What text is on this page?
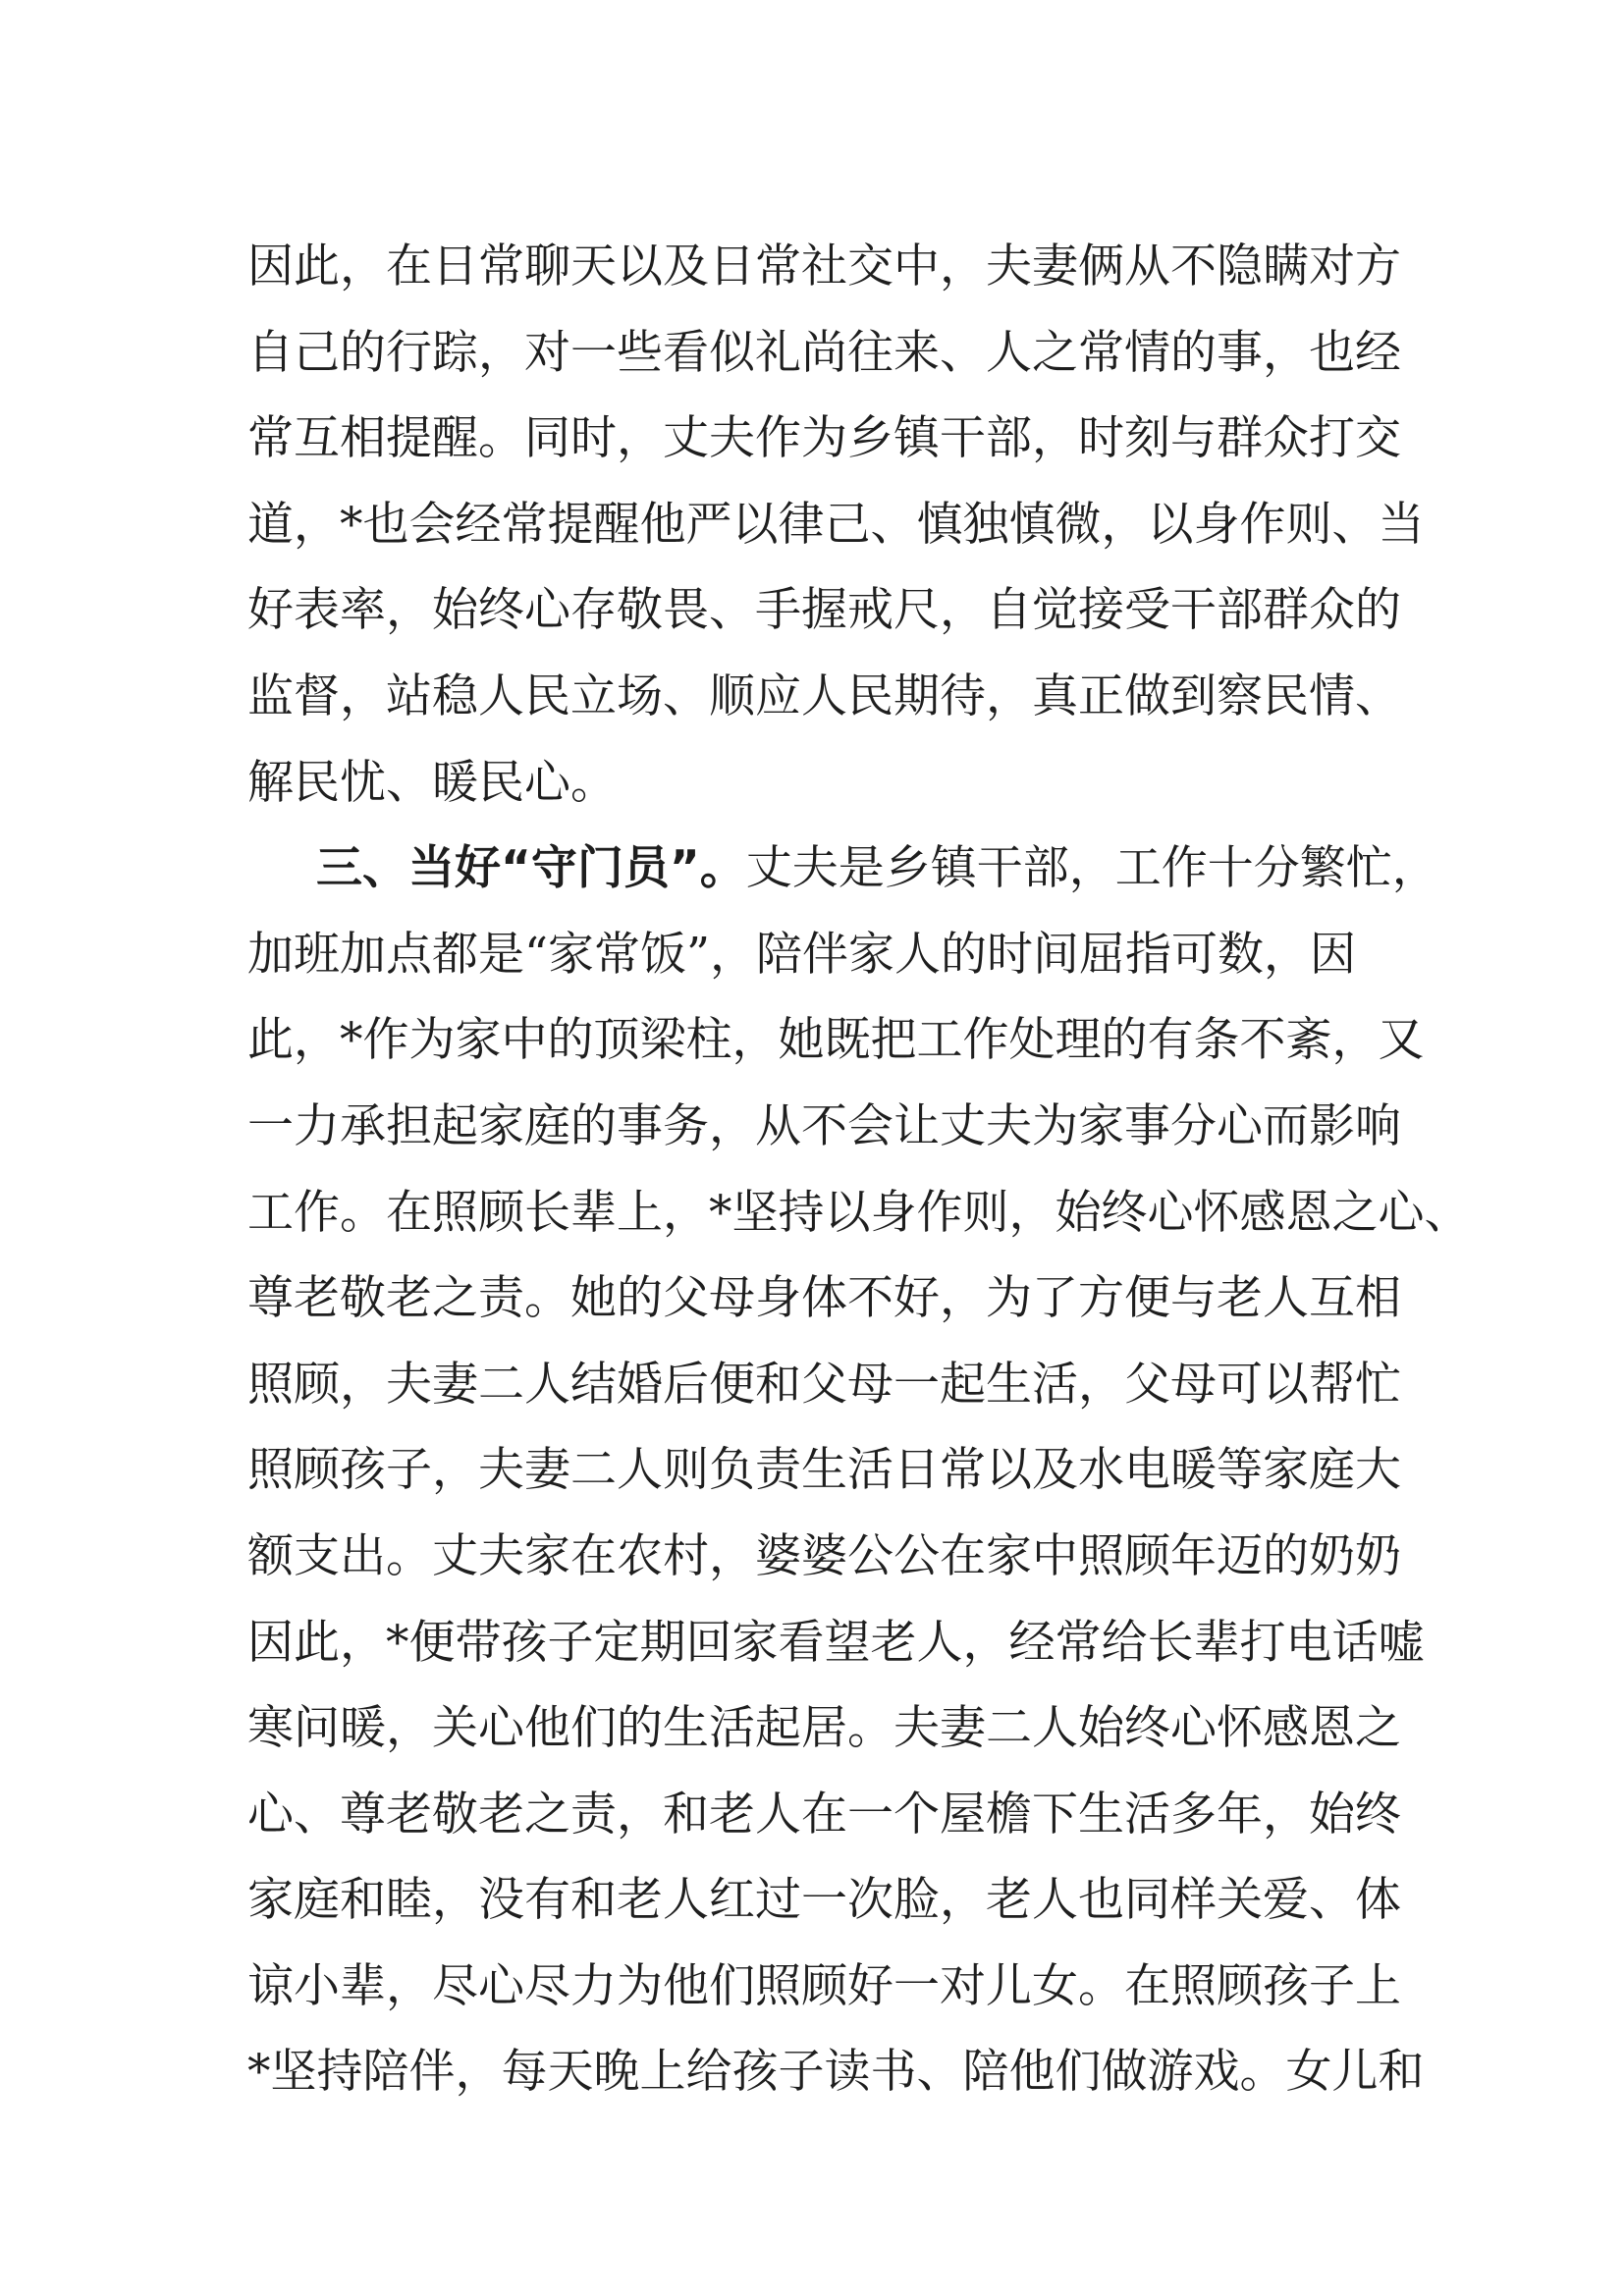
因此，在日常聊天以及日常社交中，夫妻俩从不隐瞒对方
自己的行踪，对一些看似礼尚往来、人之常情的事，也经
常互相提醒。同时，丈夫作为乡镇干部，时刻与群众打交
道，*也会经常提醒他严以律己、慎独慎微，以身作则、当
好表率，始终心存敬畏、手握戒尺，自觉接受干部群众的
监督，站稳人民立场、顺应人民期待，真正做到察民情、
解民忧、暖民心。
三、当好“守门员”。丈夫是乡镇干部，工作十分繁忙，
加班加点都是“家常饭”，陪伴家人的时间屈指可数，因
此，*作为家中的顶梁柱，她既把工作处理的有条不紊，又
一力承担起家庭的事务，从不会让丈夫为家事分心而影响
工作。在照顾长辈上，*坚持以身作则，始终心怀感恩之心、
尊老敬老之责。她的父母身体不好，为了方便与老人互相
照顾，夫妻二人结婚后便和父母一起生活，父母可以帮忙
照顾孩子，夫妻二人则负责生活日常以及水电暖等家庭大
额支出。丈夫家在农村，婆婆公公在家中照顾年迈的奶奶
因此，*便带孩子定期回家看望老人，经常给长辈打电话嘘
寒问暖，关心他们的生活起居。夫妻二人始终心怀感恩之
心、尊老敬老之责，和老人在一个屋檐下生活多年，始终
家庭和睦，没有和老人红过一次脸，老人也同样关爱、体
谅小辈，尽心尽力为他们照顾好一对儿女。在照顾孩子上
*坚持陪伴，每天晚上给孩子读书、陪他们做游戏。女儿和
